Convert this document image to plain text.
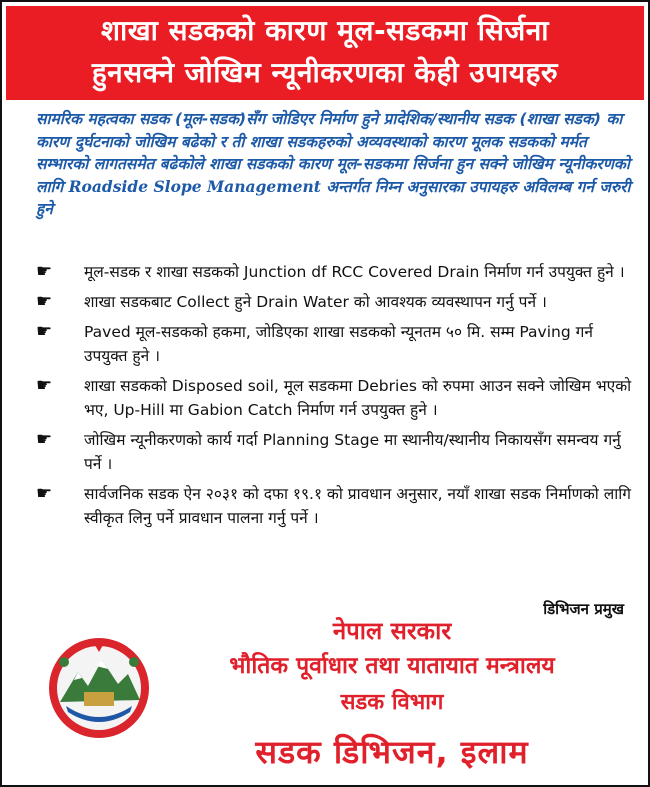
शाखा सडकको कारण मूल-सडकमा सिर्जना
हुनसक्ने जोखिम न्यूनीकरणका केही उपायहरु
सामरिक महत्वका सडक (मूल-सडक)सँग जोडिएर निर्माण हुने प्रादेशिक/स्थानीय सडक (शाखा सडक) का कारण दुर्घटनाको जोखिम बढेको र ती शाखा सडकहरुको अव्यवस्थाको कारण मूलक सडकको मर्मत सम्भारको लागतसमेत बढेकोले शाखा सडकको कारण मूल-सडकमा सिर्जना हुन सक्ने जोखिम न्यूनीकरणको लागि Roadside Slope Management अन्तर्गत निम्न अनुसारका उपायहरु अविलम्ब गर्न जरुरी हुने
☛ मूल-सडक र शाखा सडकको Junction df RCC Covered Drain निर्माण गर्न उपयुक्त हुने ।
☛ शाखा सडकबाट Collect हुने Drain Water को आवश्यक व्यवस्थापन गर्नु पर्ने ।
☛ Paved मूल-सडकको हकमा, जोडिएका शाखा सडकको न्यूनतम ५० मि. सम्म Paving गर्न उपयुक्त हुने ।
☛ शाखा सडकको Disposed soil, मूल सडकमा Debries को रुपमा आउन सक्ने जोखिम भएको भए, Up-Hill मा Gabion Catch निर्माण गर्न उपयुक्त हुने ।
☛ जोखिम न्यूनीकरणको कार्य गर्दा Planning Stage मा स्थानीय/स्थानीय निकायसँग समन्वय गर्नु पर्ने ।
☛ सार्वजनिक सडक ऐन २०३१ को दफा १९.१ को प्रावधान अनुसार, नयाँ शाखा सडक निर्माणको लागि स्वीकृत लिनु पर्ने प्रावधान पालना गर्नु पर्ने ।
डिभिजन प्रमुख
नेपाल सरकार
भौतिक पूर्वाधार तथा यातायात मन्त्रालय
सडक विभाग
सडक डिभिजन, इलाम
